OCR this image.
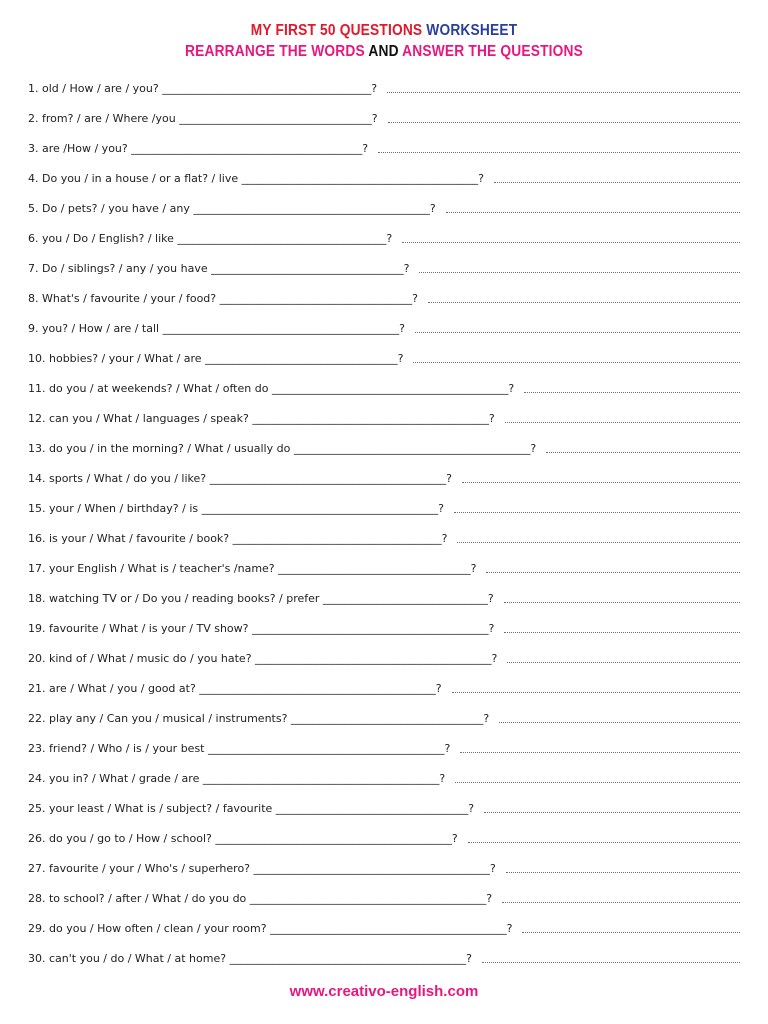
MY FIRST 50 QUESTIONS WORKSHEET
REARRANGE THE WORDS AND ANSWER THE QUESTIONS
1. old / How / are / you? ______________________________________?
2. from? / are / Where /you ___________________________________?
3. are /How / you? __________________________________________?
4. Do you / in a house / or a flat? / live ___________________________________________?
5. Do / pets? / you have / any ___________________________________________?
6. you / Do / English? / like ______________________________________?
7. Do / siblings? / any / you have ___________________________________?
8. What's / favourite / your / food? ___________________________________?
9. you? / How / are / tall ___________________________________________?
10. hobbies? / your / What / are ___________________________________?
11. do you / at weekends? / What / often do ___________________________________________?
12. can you / What / languages / speak? ___________________________________________?
13. do you / in the morning? / What / usually do ___________________________________________?
14. sports / What / do you / like? ___________________________________________?
15. your / When / birthday? / is ___________________________________________?
16. is your / What / favourite / book? ______________________________________?
17. your English / What is / teacher's /name? ___________________________________?
18. watching TV or / Do you / reading books? / prefer ______________________________?
19. favourite / What / is your / TV show? ___________________________________________?
20. kind of / What / music do / you hate? ___________________________________________?
21. are / What / you / good at? ___________________________________________?
22. play any / Can you / musical / instruments? ___________________________________?
23. friend? / Who / is / your best ___________________________________________?
24. you in? / What / grade / are ___________________________________________?
25. your least / What is / subject? / favourite ___________________________________?
26. do you / go to / How / school? ___________________________________________?
27. favourite / your / Who's / superhero? ___________________________________________?
28. to school? / after / What / do you do ___________________________________________?
29. do you / How often / clean / your room? ___________________________________________?
30. can't you / do / What / at home? ___________________________________________?
www.creativo-english.com
